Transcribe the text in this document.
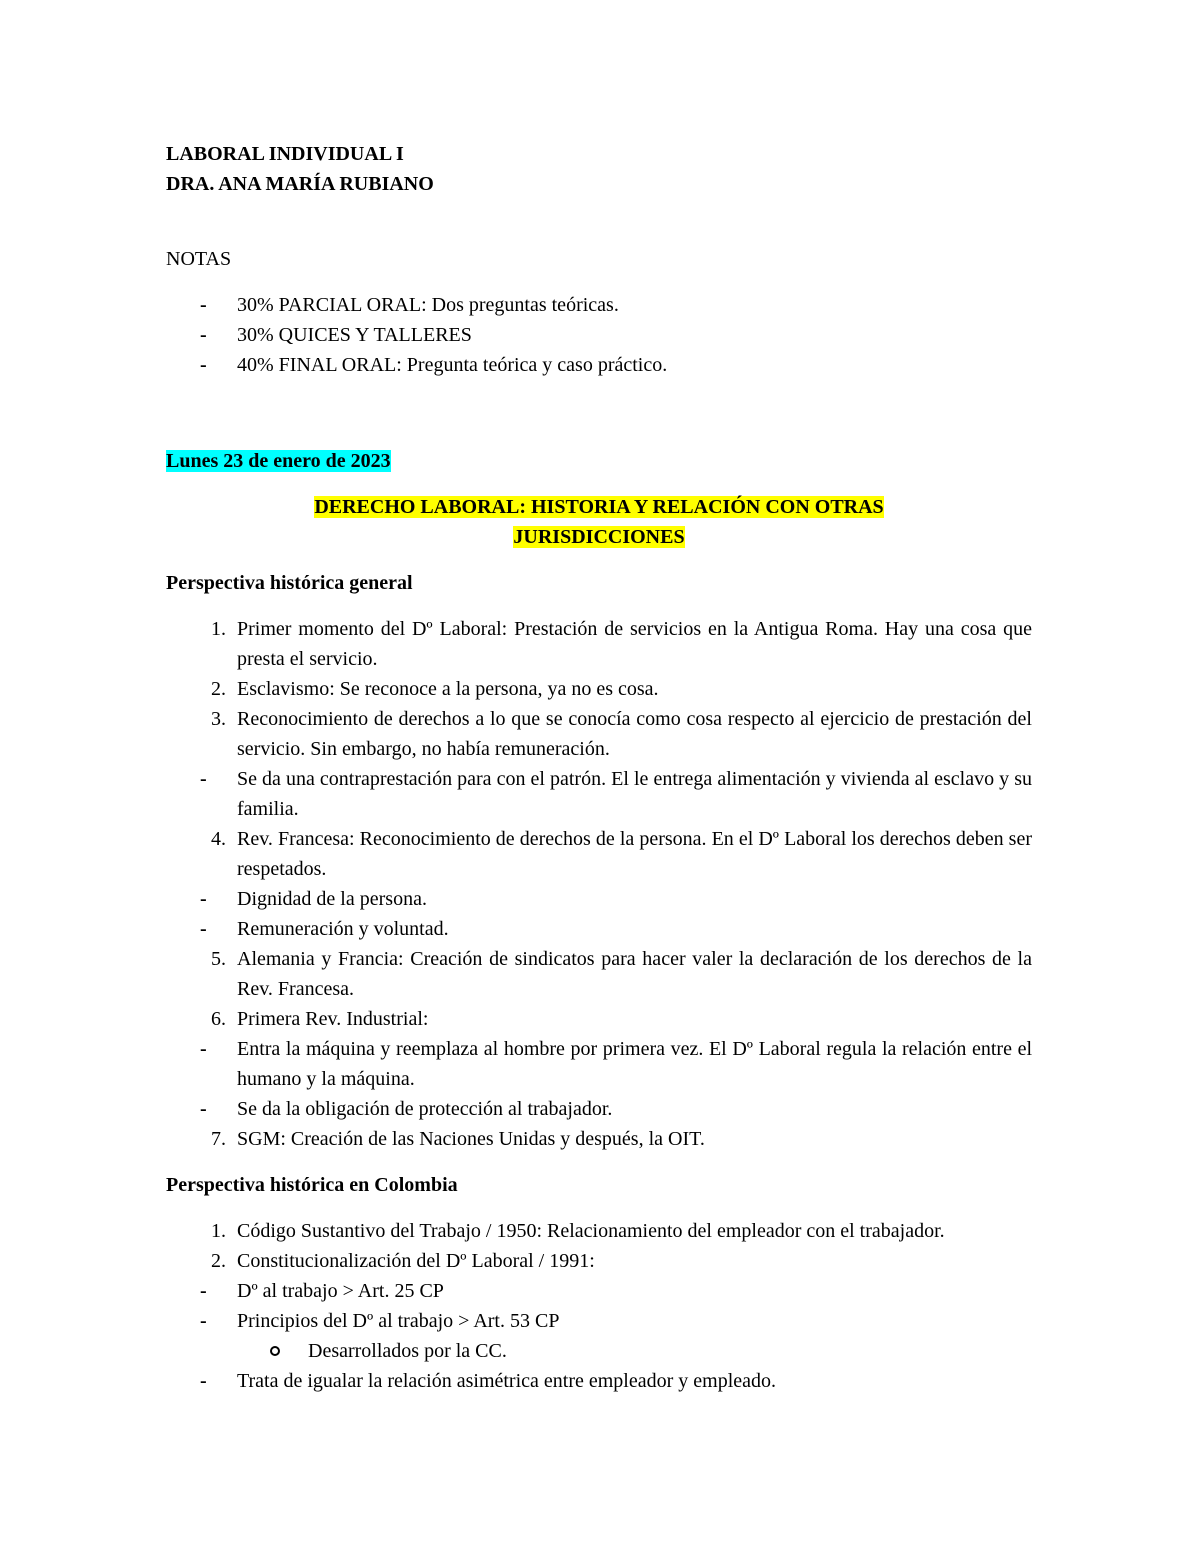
LABORAL INDIVIDUAL I
DRA. ANA MARÍA RUBIANO
NOTAS
-	30% PARCIAL ORAL: Dos preguntas teóricas.
-	30% QUICES Y TALLERES
-	40% FINAL ORAL: Pregunta teórica y caso práctico.
Lunes 23 de enero de 2023
DERECHO LABORAL: HISTORIA Y RELACIÓN CON OTRAS
JURISDICCIONES
Perspectiva histórica general
1. Primer momento del Dº Laboral: Prestación de servicios en la Antigua Roma. Hay una cosa que presta el servicio.
2. Esclavismo: Se reconoce a la persona, ya no es cosa.
3. Reconocimiento de derechos a lo que se conocía como cosa respecto al ejercicio de prestación del servicio. Sin embargo, no había remuneración.
-	Se da una contraprestación para con el patrón. El le entrega alimentación y vivienda al esclavo y su familia.
4. Rev. Francesa: Reconocimiento de derechos de la persona. En el Dº Laboral los derechos deben ser respetados.
-	Dignidad de la persona.
-	Remuneración y voluntad.
5. Alemania y Francia: Creación de sindicatos para hacer valer la declaración de los derechos de la Rev. Francesa.
6. Primera Rev. Industrial:
-	Entra la máquina y reemplaza al hombre por primera vez. El Dº Laboral regula la relación entre el humano y la máquina.
-	Se da la obligación de protección al trabajador.
7. SGM: Creación de las Naciones Unidas y después, la OIT.
Perspectiva histórica en Colombia
1. Código Sustantivo del Trabajo / 1950: Relacionamiento del empleador con el trabajador.
2. Constitucionalización del Dº Laboral / 1991:
-	Dº al trabajo > Art. 25 CP
-	Principios del Dº al trabajo > Art. 53 CP
Desarrollados por la CC.
-	Trata de igualar la relación asimétrica entre empleador y empleado.
